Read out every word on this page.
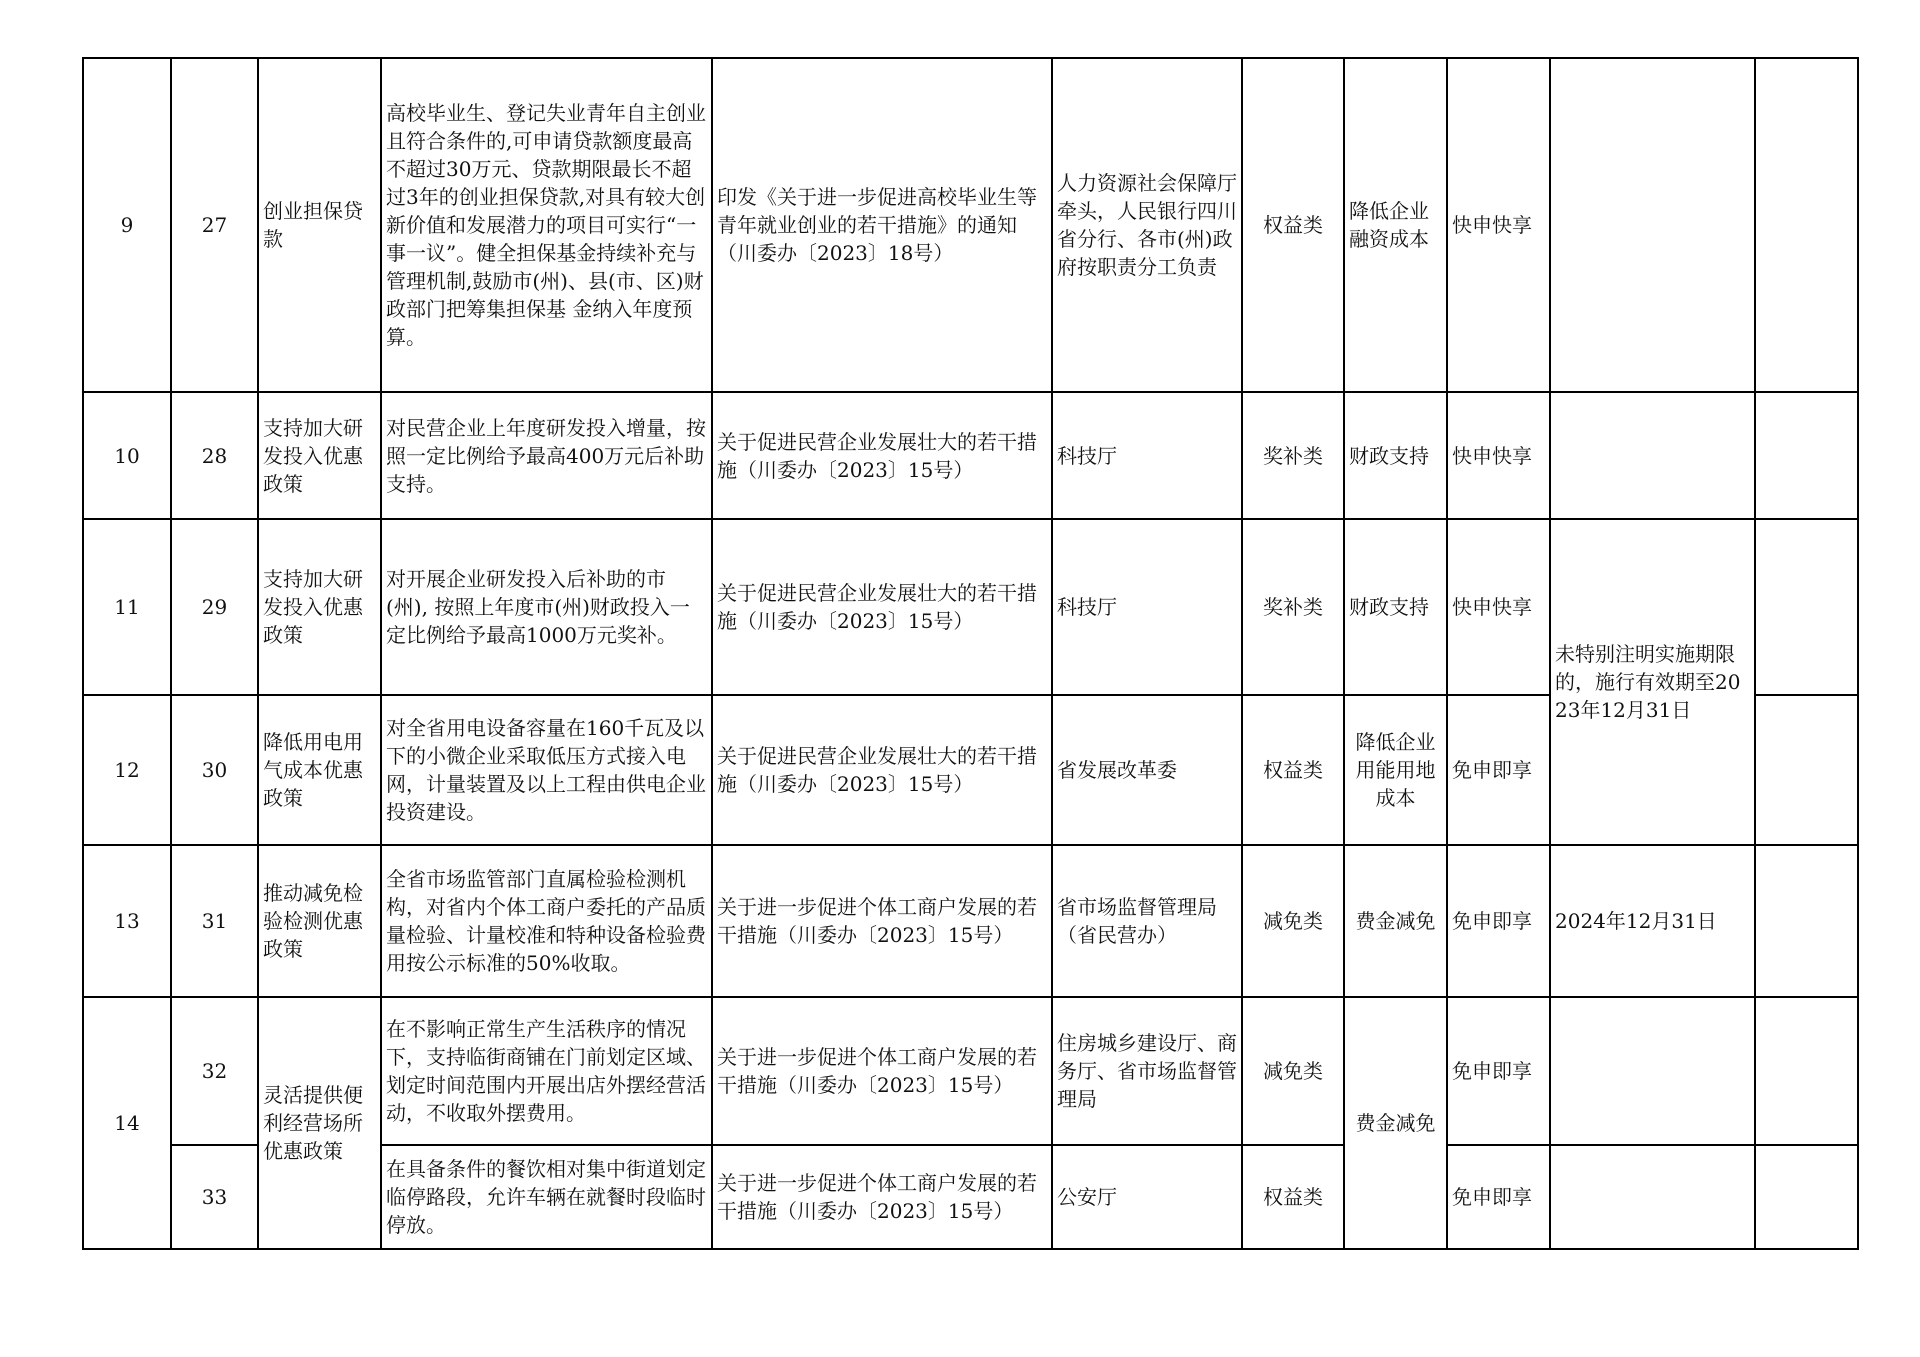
9	27	创业担保贷款	高校毕业生、登记失业青年自主创业且符合条件的,可申请贷款额度最高不超过30万元、贷款期限最长不超过3年的创业担保贷款,对具有较大创新价值和发展潜力的项目可实行“一事一议”。健全担保基金持续补充与管理机制,鼓励市(州)、县(市、区)财政部门把筹集担保基 金纳入年度预算。	印发《关于进一步促进高校毕业生等青年就业创业的若干措施》的通知（川委办〔2023〕18号）	人力资源社会保障厅牵头，人民银行四川省分行、各市(州)政府按职责分工负责	权益类	降低企业融资成本	快申快享		
10	28	支持加大研发投入优惠政策	对民营企业上年度研发投入增量，按照一定比例给予最高400万元后补助支持。	关于促进民营企业发展壮大的若干措施（川委办〔2023〕15号）	科技厅	奖补类	财政支持	快申快享		
11	29	支持加大研发投入优惠政策	对开展企业研发投入后补助的市(州), 按照上年度市(州)财政投入一定比例给予最高1000万元奖补。	关于促进民营企业发展壮大的若干措施（川委办〔2023〕15号）	科技厅	奖补类	财政支持	快申快享	未特别注明实施期限的，施行有效期至2023年12月31日	
12	30	降低用电用气成本优惠政策	对全省用电设备容量在160千瓦及以下的小微企业采取低压方式接入电网，计量装置及以上工程由供电企业投资建设。	关于促进民营企业发展壮大的若干措施（川委办〔2023〕15号）	省发展改革委	权益类	降低企业用能用地成本	免申即享		
13	31	推动减免检验检测优惠政策	全省市场监管部门直属检验检测机构，对省内个体工商户委托的产品质量检验、计量校准和特种设备检验费用按公示标准的50%收取。	关于进一步促进个体工商户发展的若干措施（川委办〔2023〕15号）	省市场监督管理局（省民营办）	减免类	费金减免	免申即享	2024年12月31日	
14	32	灵活提供便利经营场所优惠政策	在不影响正常生产生活秩序的情况下，支持临街商铺在门前划定区域、划定时间范围内开展出店外摆经营活动，不收取外摆费用。	关于进一步促进个体工商户发展的若干措施（川委办〔2023〕15号）	住房城乡建设厅、商务厅、省市场监督管理局	减免类	费金减免	免申即享		
	33		在具备条件的餐饮相对集中街道划定临停路段，允许车辆在就餐时段临时停放。	关于进一步促进个体工商户发展的若干措施（川委办〔2023〕15号）	公安厅	权益类		免申即享		
